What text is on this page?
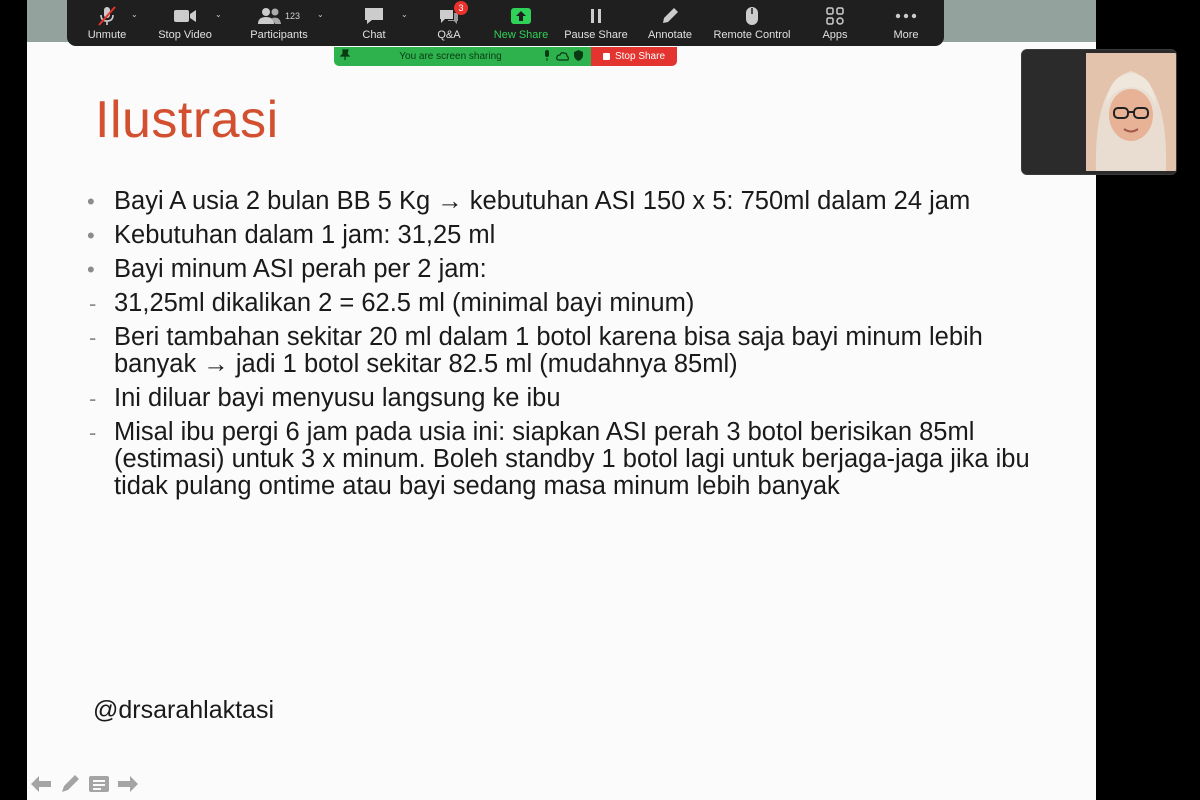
Ilustrasi
• Bayi A usia 2 bulan BB 5 Kg → kebutuhan ASI 150 x 5: 750ml dalam 24 jam
• Kebutuhan dalam 1 jam: 31,25 ml
• Bayi minum ASI perah per 2 jam:
- 31,25ml dikalikan 2 = 62.5 ml (minimal bayi minum)
- Beri tambahan sekitar 20 ml dalam 1 botol karena bisa saja bayi minum lebih banyak → jadi 1 botol sekitar 82.5 ml (mudahnya 85ml)
- Ini diluar bayi menyusu langsung ke ibu
- Misal ibu pergi 6 jam pada usia ini: siapkan ASI perah 3 botol berisikan 85ml (estimasi) untuk 3 x minum. Boleh standby 1 botol lagi untuk berjaga-jaga jika ibu tidak pulang ontime atau bayi sedang masa minum lebih banyak
@drsarahlaktasi
⌄
Unmute
⌄
Stop Video
123 ⌄
Participants
⌄
Chat
3
Q&A	New Share Pause Share Annotate Remote Control	Apps	More
You are screen sharing	Stop Share
